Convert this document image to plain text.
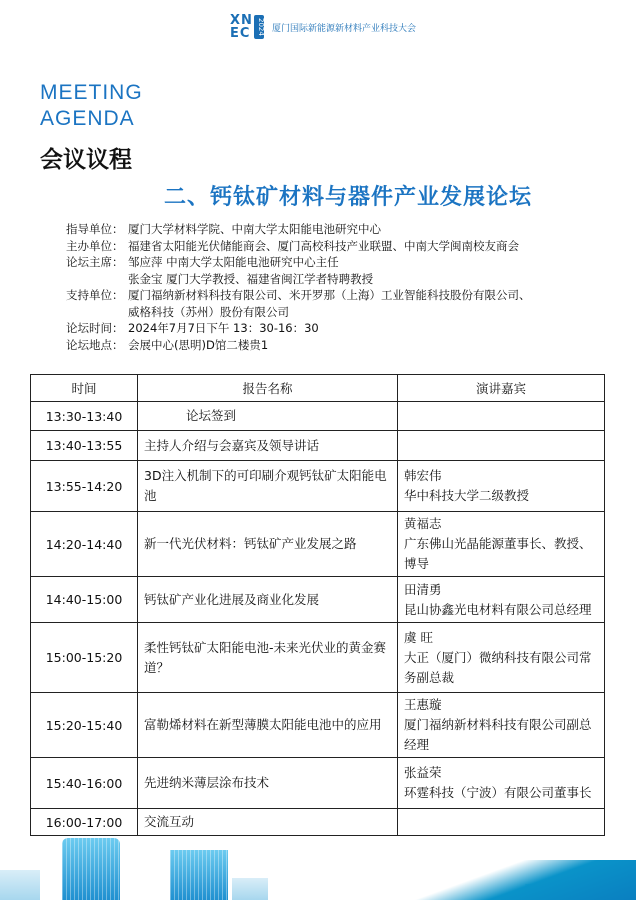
XN
EC 2024 厦门国际新能源新材料产业科技大会
MEETING
AGENDA
会议议程
二、钙钛矿材料与器件产业发展论坛
指导单位： 厦门大学材料学院、中南大学太阳能电池研究中心
主办单位： 福建省太阳能光伏储能商会、厦门高校科技产业联盟、中南大学闽南校友商会
论坛主席： 邹应萍 中南大学太阳能电池研究中心主任
张金宝 厦门大学教授、福建省闽江学者特聘教授
支持单位： 厦门福纳新材料科技有限公司、米开罗那（上海）工业智能科技股份有限公司、
威格科技（苏州）股份有限公司
论坛时间： 2024年7月7日下午 13：30-16：30
论坛地点： 会展中心(思明)D馆二楼贵1
时间	报告名称	演讲嘉宾
13:30-13:40	论坛签到	

13:40-13:55	主持人介绍与会嘉宾及领导讲话	

13:55-14:20	3D注入机制下的可印刷介观钙钛矿太阳能电池	韩宏伟
华中科技大学二级教授

14:20-14:40	新一代光伏材料：钙钛矿产业发展之路	黄福志
广东佛山光晶能源董事长、教授、博导

14:40-15:00	钙钛矿产业化进展及商业化发展	田清勇
昆山协鑫光电材料有限公司总经理

15:00-15:20	柔性钙钛矿太阳能电池-未来光伏业的黄金赛道？	虞 旺
大正（厦门）微纳科技有限公司常务副总裁

15:20-15:40	富勒烯材料在新型薄膜太阳能电池中的应用	王惠璇
厦门福纳新材料科技有限公司副总经理

15:40-16:00	先进纳米薄层涂布技术	张益荣
环霆科技（宁波）有限公司董事长

16:00-17:00	交流互动	
